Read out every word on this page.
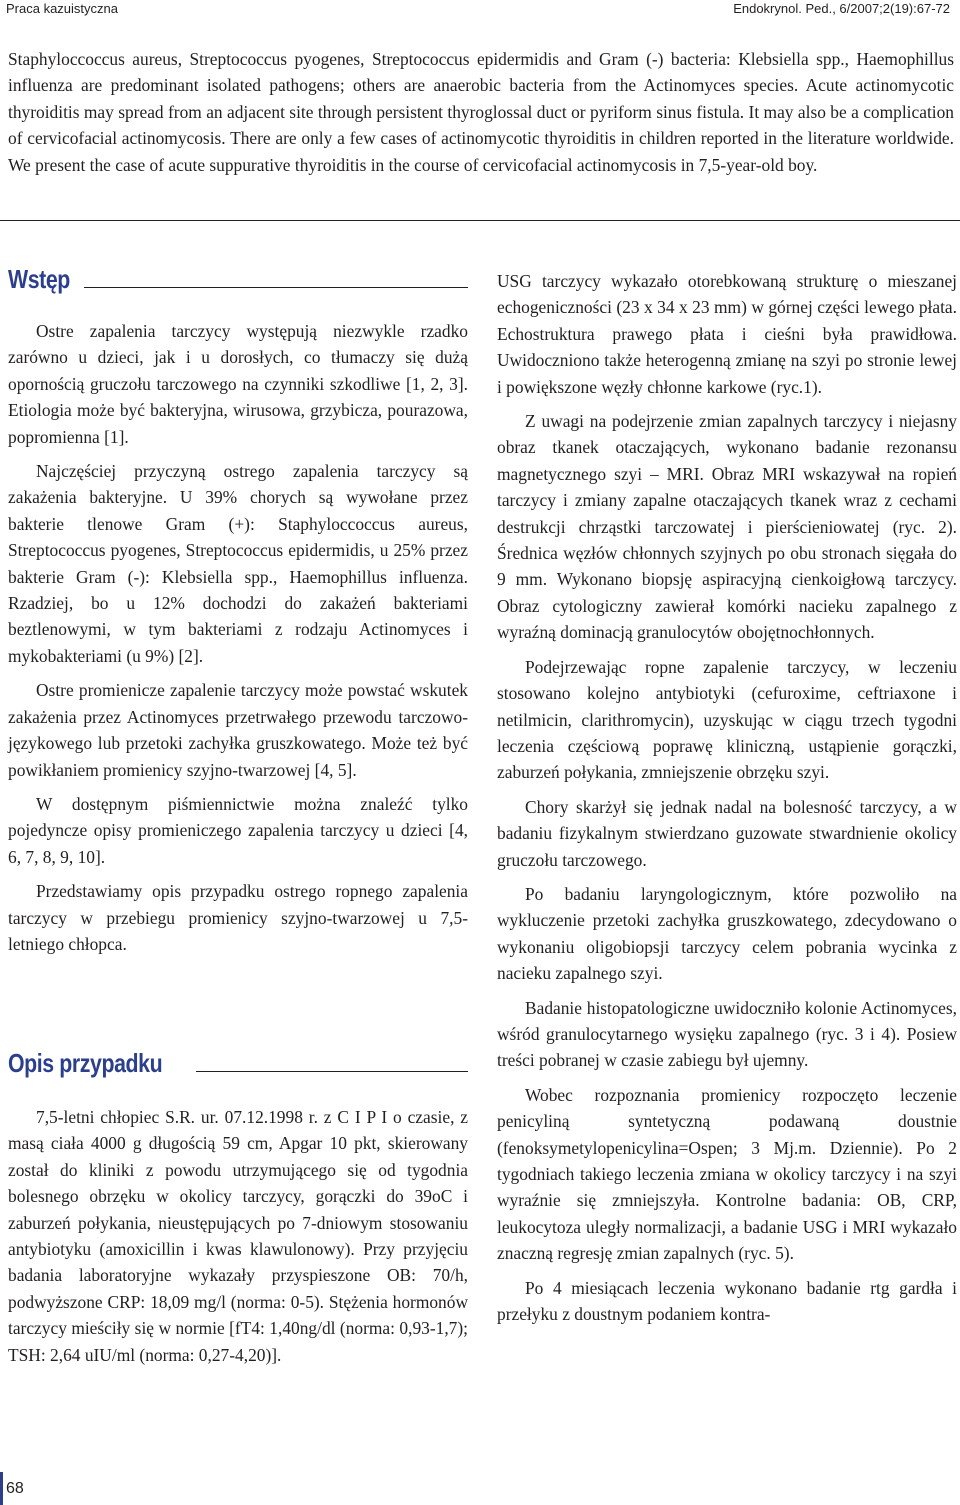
Praca kazuistyczna	Endokrynol. Ped., 6/2007;2(19):67-72
Staphyloccoccus aureus, Streptococcus pyogenes, Streptococcus epidermidis and Gram (-) bacteria: Klebsiella spp., Haemophillus influenza are predominant isolated pathogens; others are anaerobic bacteria from the Actinomyces species. Acute actinomycotic thyroiditis may spread from an adjacent site through persistent thyroglossal duct or pyriform sinus fistula. It may also be a complication of cervicofacial actinomycosis. There are only a few cases of actinomycotic thyroiditis in children reported in the literature worldwide. We present the case of acute suppurative thyroiditis in the course of cervicofacial actinomycosis in 7,5-year-old boy.
Wstęp

Ostre zapalenia tarczycy występują niezwykle rzadko zarówno u dzieci, jak i u dorosłych, co tłumaczy się dużą opornością gruczołu tarczowego na czynniki szkodliwe [1, 2, 3]. Etiologia może być bakteryjna, wirusowa, grzybicza, pourazowa, popromienna [1].

Najczęściej przyczyną ostrego zapalenia tarczycy są zakażenia bakteryjne. U 39% chorych są wywołane przez bakterie tlenowe Gram (+): Staphyloccoccus aureus, Streptococcus pyogenes, Streptococcus epidermidis, u 25% przez bakterie Gram (-): Klebsiella spp., Haemophillus influenza. Rzadziej, bo u 12% dochodzi do zakażeń bakteriami beztlenowymi, w tym bakteriami z rodzaju Actinomyces i mykobakteriami (u 9%) [2].

Ostre promienicze zapalenie tarczycy może powstać wskutek zakażenia przez Actinomyces przetrwałego przewodu tarczowo-językowego lub przetoki zachyłka gruszkowatego. Może też być powikłaniem promienicy szyjno-twarzowej [4, 5].

W dostępnym piśmiennictwie można znaleźć tylko pojedyncze opisy promieniczego zapalenia tarczycy u dzieci [4, 6, 7, 8, 9, 10].

Przedstawiamy opis przypadku ostrego ropnego zapalenia tarczycy w przebiegu promienicy szyjno-twarzowej u 7,5-letniego chłopca.

Opis przypadku

7,5-letni chłopiec S.R. ur. 07.12.1998 r. z C I P I o czasie, z masą ciała 4000 g długością 59 cm, Apgar 10 pkt, skierowany został do kliniki z powodu utrzymującego się od tygodnia bolesnego obrzęku w okolicy tarczycy, gorączki do 39oC i zaburzeń połykania, nieustępujących po 7-dniowym stosowaniu antybiotyku (amoxicillin i kwas klawulonowy). Przy przyjęciu badania laboratoryjne wykazały przyspieszone OB: 70/h, podwyższone CRP: 18,09 mg/l (norma: 0-5). Stężenia hormonów tarczycy mieściły się w normie [fT4: 1,40ng/dl (norma: 0,93-1,7); TSH: 2,64 uIU/ml (norma: 0,27-4,20)].

USG tarczycy wykazało otorebkowaną strukturę o mieszanej echogeniczności (23 x 34 x 23 mm) w górnej części lewego płata. Echostruktura prawego płata i cieśni była prawidłowa. Uwidoczniono także heterogenną zmianę na szyi po stronie lewej i powiększone węzły chłonne karkowe (ryc.1).

Z uwagi na podejrzenie zmian zapalnych tarczycy i niejasny obraz tkanek otaczających, wykonano badanie rezonansu magnetycznego szyi – MRI. Obraz MRI wskazywał na ropień tarczycy i zmiany zapalne otaczających tkanek wraz z cechami destrukcji chrząstki tarczowatej i pierścieniowatej (ryc. 2). Średnica węzłów chłonnych szyjnych po obu stronach sięgała do 9 mm. Wykonano biopsję aspiracyjną cienkoigłową tarczycy. Obraz cytologiczny zawierał komórki nacieku zapalnego z wyraźną dominacją granulocytów obojętnochłonnych.

Podejrzewając ropne zapalenie tarczycy, w leczeniu stosowano kolejno antybiotyki (cefuroxime, ceftriaxone i netilmicin, clarithromycin), uzyskując w ciągu trzech tygodni leczenia częściową poprawę kliniczną, ustąpienie gorączki, zaburzeń połykania, zmniejszenie obrzęku szyi.

Chory skarżył się jednak nadal na bolesność tarczycy, a w badaniu fizykalnym stwierdzano guzowate stwardnienie okolicy gruczołu tarczowego.

Po badaniu laryngologicznym, które pozwoliło na wykluczenie przetoki zachyłka gruszkowatego, zdecydowano o wykonaniu oligobiopsji tarczycy celem pobrania wycinka z nacieku zapalnego szyi.

Badanie histopatologiczne uwidoczniło kolonie Actinomyces, wśród granulocytarnego wysięku zapalnego (ryc. 3 i 4). Posiew treści pobranej w czasie zabiegu był ujemny.

Wobec rozpoznania promienicy rozpoczęto leczenie penicyliną syntetyczną podawaną doustnie (fenoksymetylopenicylina=Ospen; 3 Mj.m. Dziennie). Po 2 tygodniach takiego leczenia zmiana w okolicy tarczycy i na szyi wyraźnie się zmniejszyła. Kontrolne badania: OB, CRP, leukocytoza uległy normalizacji, a badanie USG i MRI wykazało znaczną regresję zmian zapalnych (ryc. 5).

Po 4 miesiącach leczenia wykonano badanie rtg gardła i przełyku z doustnym podaniem kontra-

68
